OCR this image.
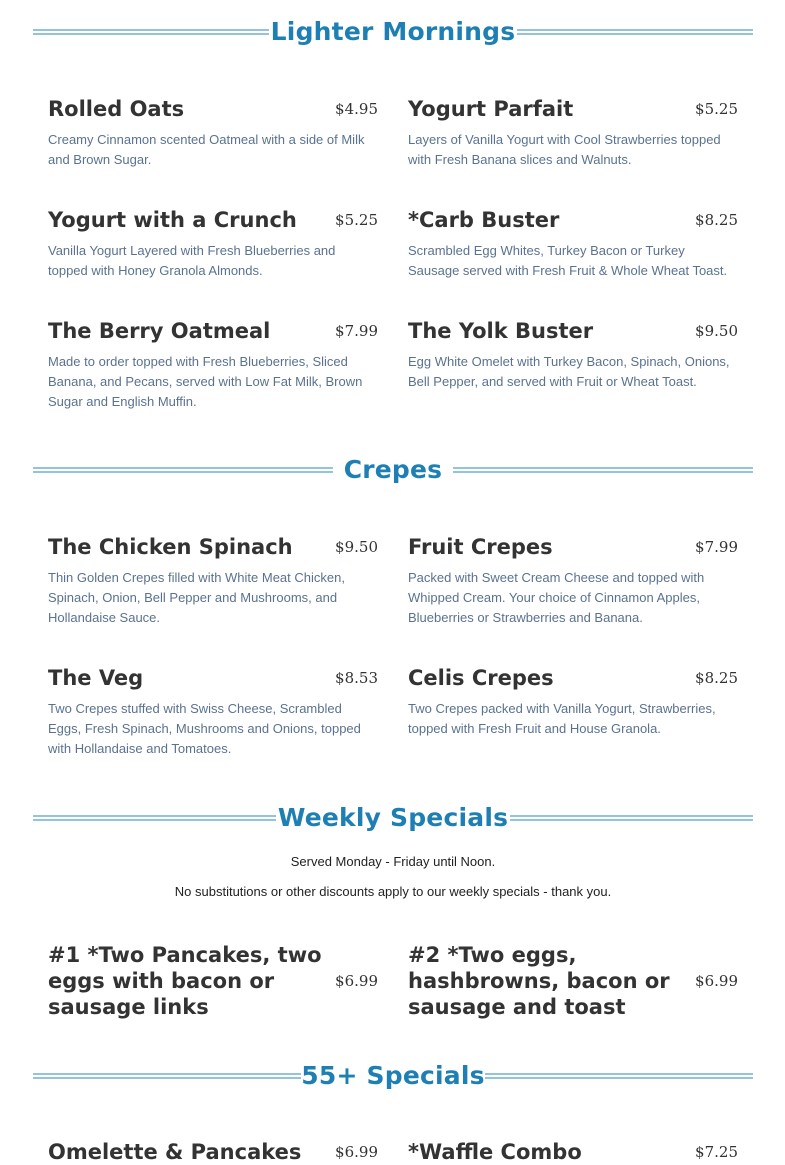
Lighter Mornings
Rolled Oats	$4.95
Creamy Cinnamon scented Oatmeal with a side of Milk and Brown Sugar.
Yogurt Parfait	$5.25
Layers of Vanilla Yogurt with Cool Strawberries topped with Fresh Banana slices and Walnuts.
Yogurt with a Crunch	$5.25
Vanilla Yogurt Layered with Fresh Blueberries and topped with Honey Granola Almonds.
*Carb Buster	$8.25
Scrambled Egg Whites, Turkey Bacon or Turkey Sausage served with Fresh Fruit & Whole Wheat Toast.
The Berry Oatmeal	$7.99
Made to order topped with Fresh Blueberries, Sliced Banana, and Pecans, served with Low Fat Milk, Brown Sugar and English Muffin.
The Yolk Buster	$9.50
Egg White Omelet with Turkey Bacon, Spinach, Onions, Bell Pepper, and served with Fruit or Wheat Toast.
Crepes
The Chicken Spinach	$9.50
Thin Golden Crepes filled with White Meat Chicken, Spinach, Onion, Bell Pepper and Mushrooms, and Hollandaise Sauce.
Fruit Crepes	$7.99
Packed with Sweet Cream Cheese and topped with Whipped Cream. Your choice of Cinnamon Apples, Blueberries or Strawberries and Banana.
The Veg	$8.53
Two Crepes stuffed with Swiss Cheese, Scrambled Eggs, Fresh Spinach, Mushrooms and Onions, topped with Hollandaise and Tomatoes.
Celis Crepes	$8.25
Two Crepes packed with Vanilla Yogurt, Strawberries, topped with Fresh Fruit and House Granola.
Weekly Specials
Served Monday - Friday until Noon.
No substitutions or other discounts apply to our weekly specials - thank you.
#1 *Two Pancakes, two eggs with bacon or sausage links
$6.99
#2 *Two eggs, hashbrowns, bacon or sausage and toast
$6.99
55+ Specials
Omelette & Pancakes	$6.99 *Waffle Combo	$7.25
